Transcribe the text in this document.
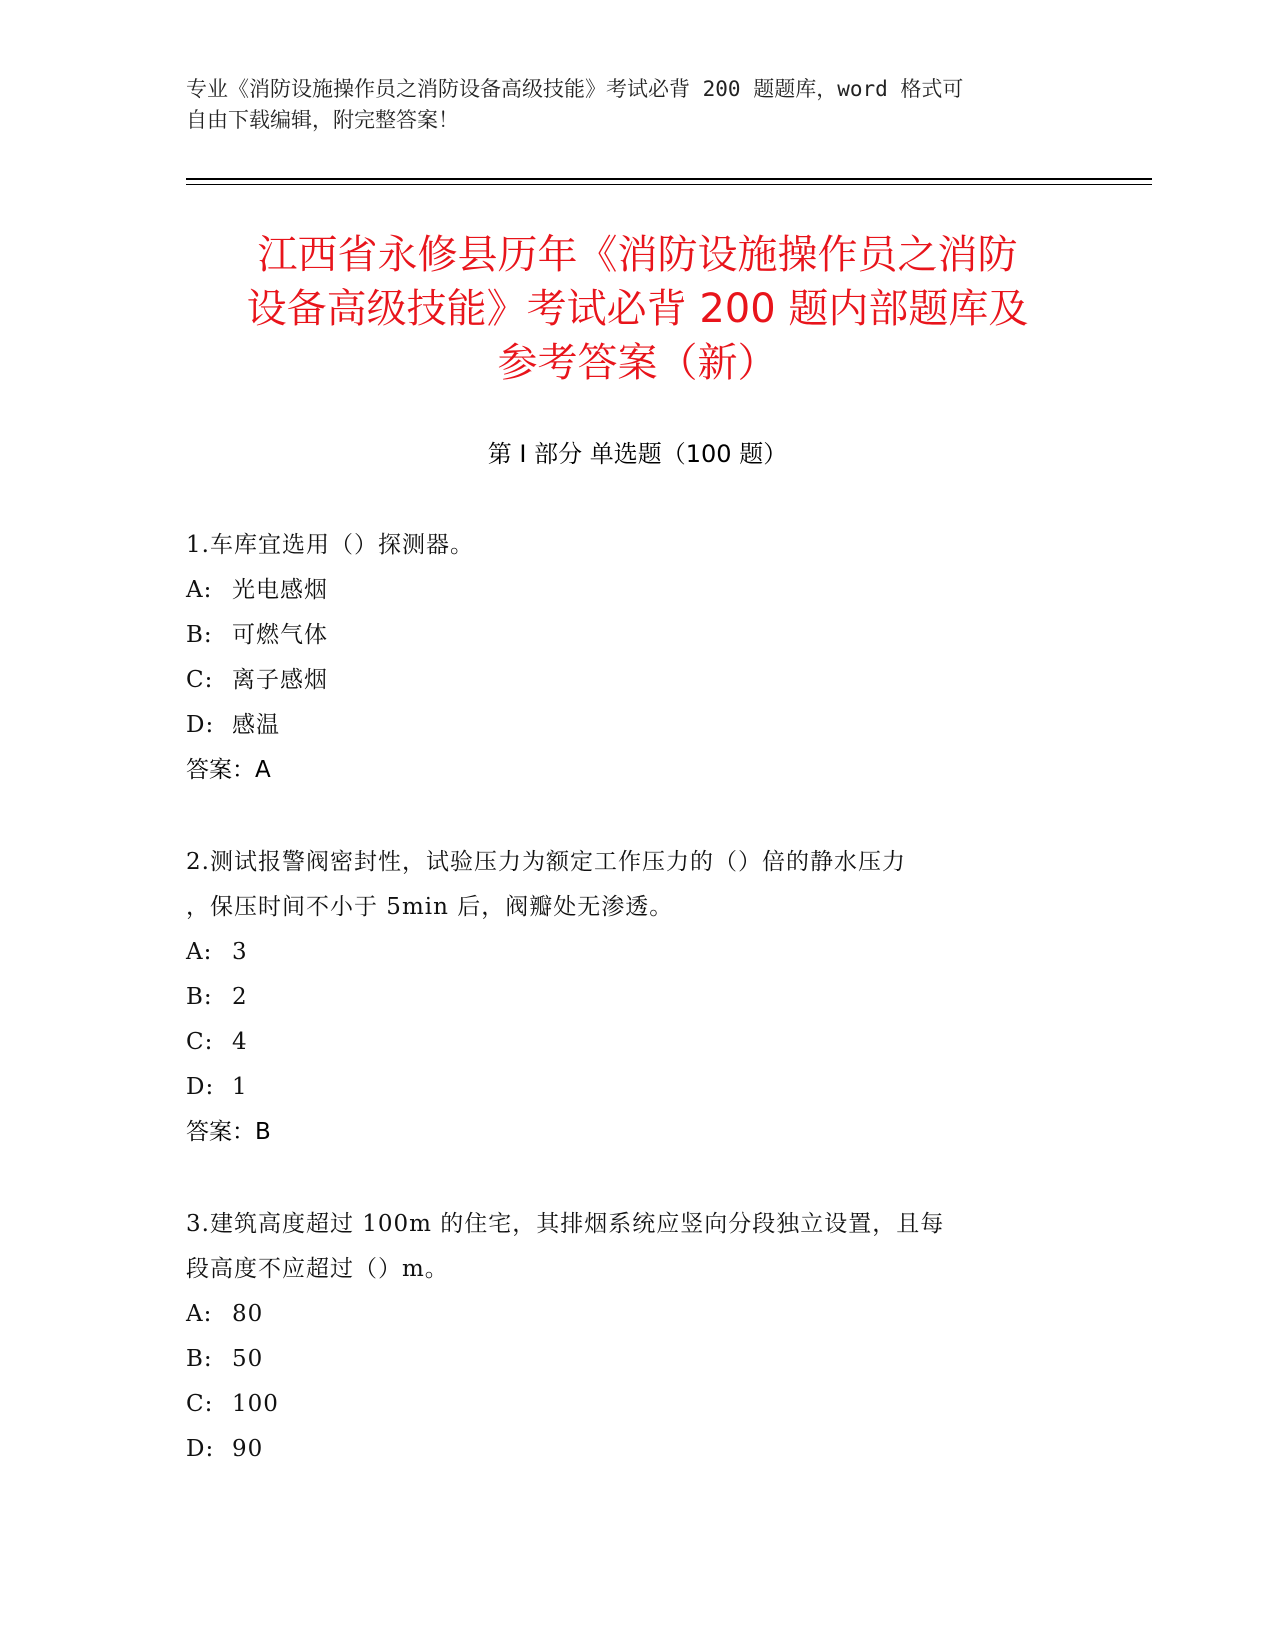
专业《消防设施操作员之消防设备高级技能》考试必背 200 题题库，word 格式可
自由下载编辑，附完整答案！
江西省永修县历年《消防设施操作员之消防
设备高级技能》考试必背 200 题内部题库及
参考答案（新）
第 I 部分 单选题（100 题）
1.车库宜选用（）探测器。
A: 光电感烟
B: 可燃气体
C: 离子感烟
D: 感温
答案：A
2.测试报警阀密封性，试验压力为额定工作压力的（）倍的静水压力
，保压时间不小于 5min 后，阀瓣处无渗透。
A: 3
B: 2
C: 4
D: 1
答案：B
3.建筑高度超过 100m 的住宅，其排烟系统应竖向分段独立设置，且每
段高度不应超过（）m。
A: 80
B: 50
C: 100
D: 90
